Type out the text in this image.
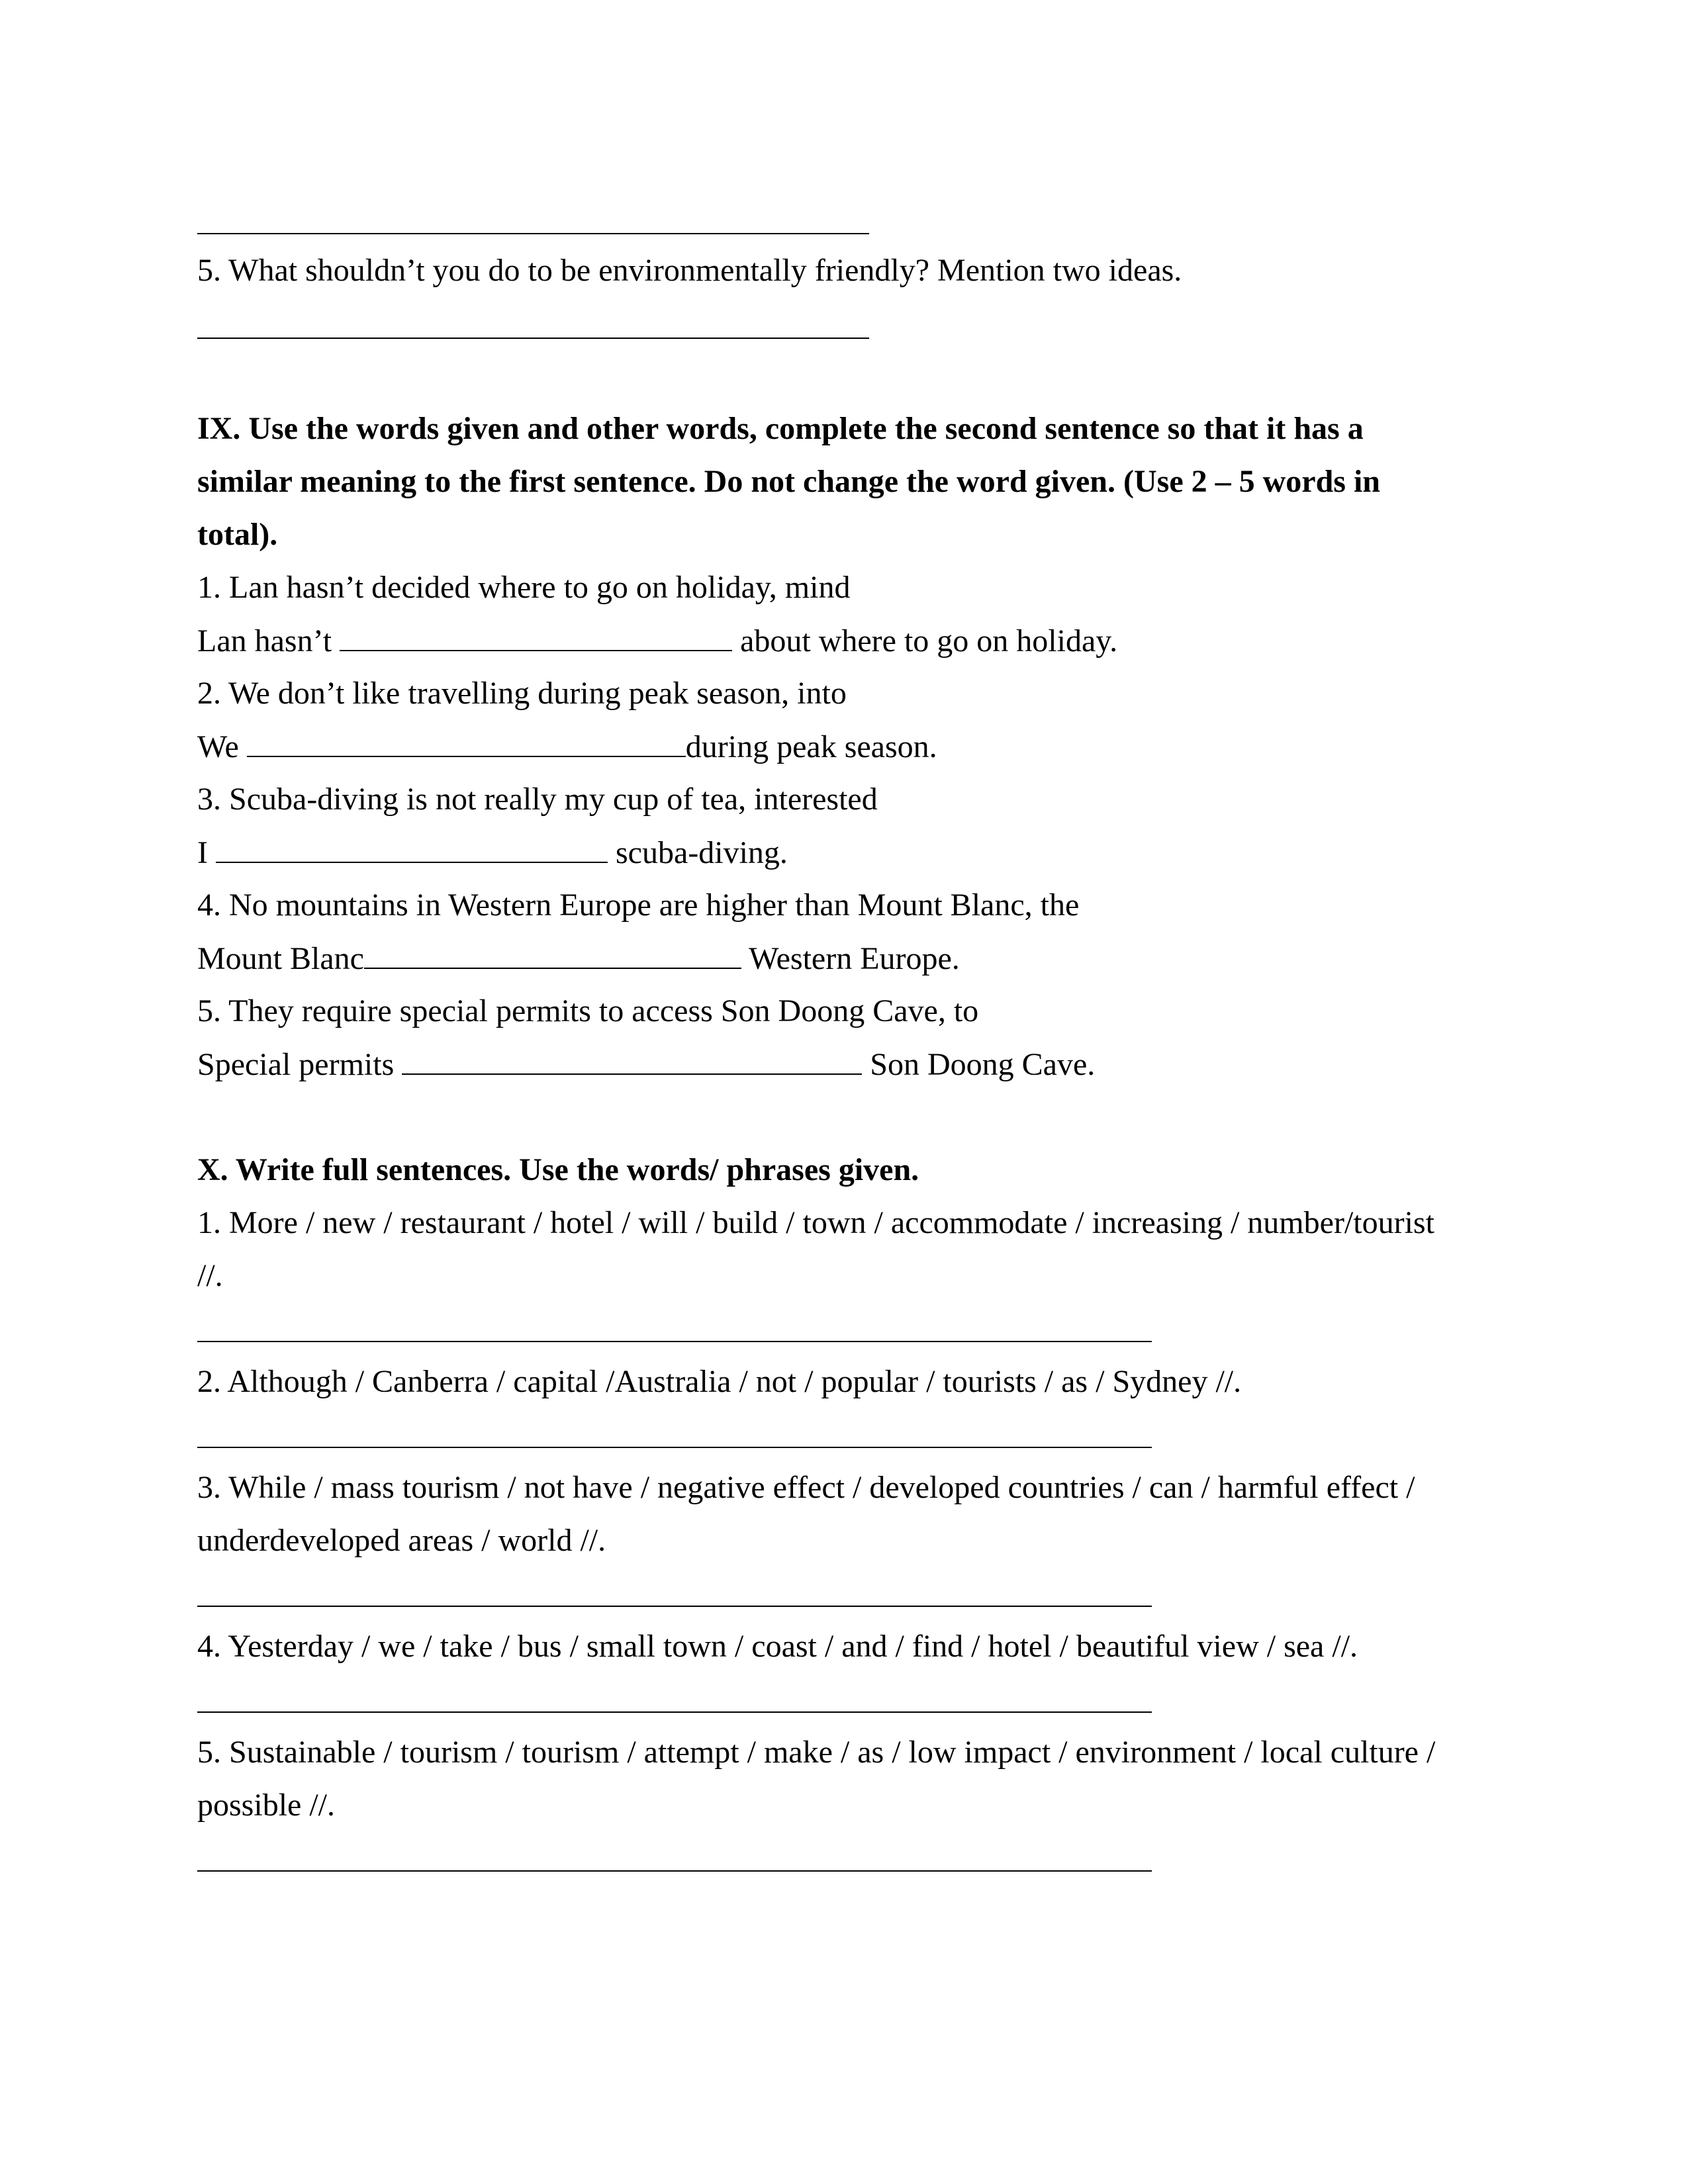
5. What shouldn’t you do to be environmentally friendly? Mention two ideas.
IX. Use the words given and other words, complete the second sentence so that it has a
similar meaning to the first sentence. Do not change the word given. (Use 2 – 5 words in
total).
1. Lan hasn’t decided where to go on holiday, mind
Lan hasn’t	about where to go on holiday.
2. We don’t like travelling during peak season, into
We	during peak season.
3. Scuba-diving is not really my cup of tea, interested
I	scuba-diving.
4. No mountains in Western Europe are higher than Mount Blanc, the
Mount Blanc	Western Europe.
5. They require special permits to access Son Doong Cave, to
Special permits	Son Doong Cave.
X. Write full sentences. Use the words/ phrases given.
1. More / new / restaurant / hotel / will / build / town / accommodate / increasing / number/tourist
//.
2. Although / Canberra / capital /Australia / not / popular / tourists / as / Sydney //.
3. While / mass tourism / not have / negative effect / developed countries / can / harmful effect /
underdeveloped areas / world //.
4. Yesterday / we / take / bus / small town / coast / and / find / hotel / beautiful view / sea //.
5. Sustainable / tourism / tourism / attempt / make / as / low impact / environment / local culture /
possible //.
